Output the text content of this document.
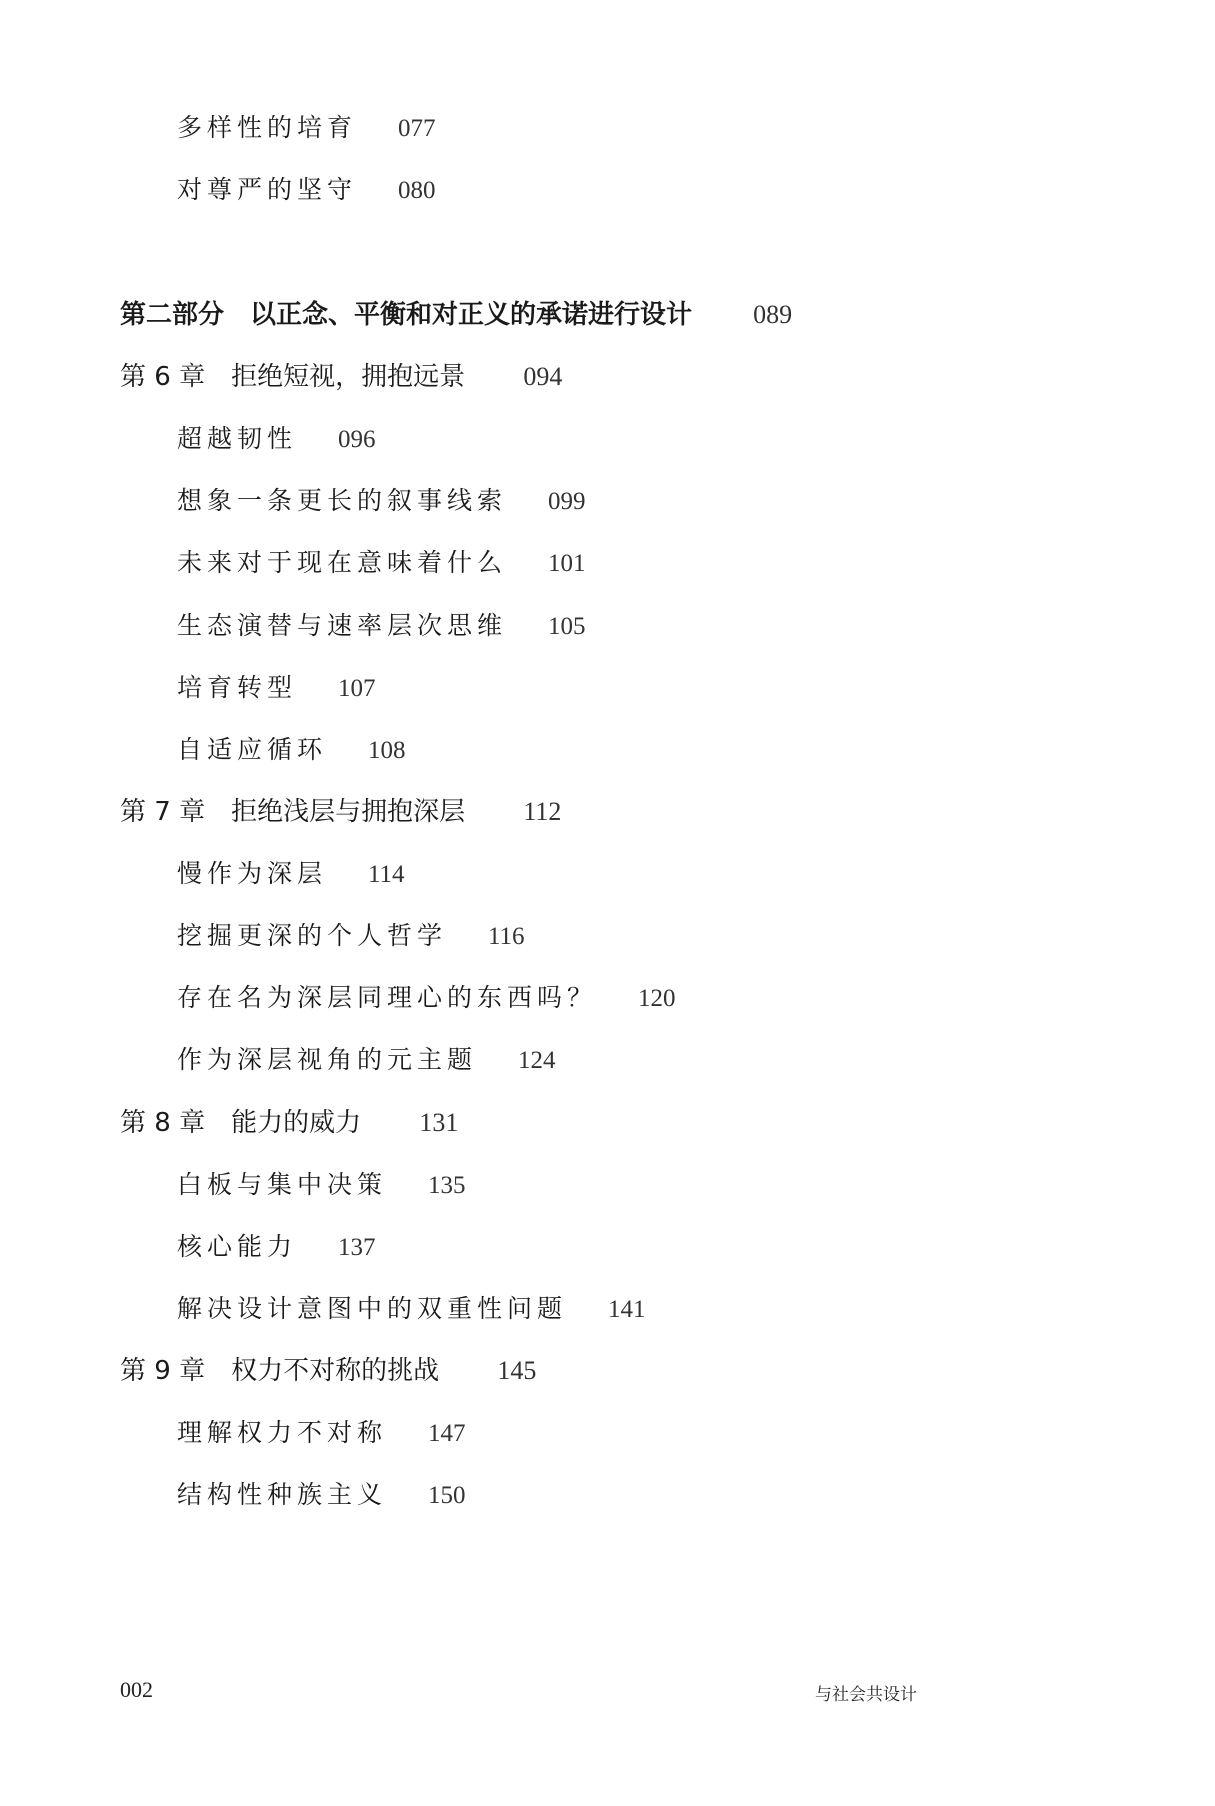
多样性的培育 077
对尊严的坚守 080
第二部分　以正念、平衡和对正义的承诺进行设计 089
第 6 章　拒绝短视，拥抱远景 094
超越韧性 096
想象一条更长的叙事线索 099
未来对于现在意味着什么 101
生态演替与速率层次思维 105
培育转型 107
自适应循环 108
第 7 章　拒绝浅层与拥抱深层 112
慢作为深层 114
挖掘更深的个人哲学 116
存在名为深层同理心的东西吗？ 120
作为深层视角的元主题 124
第 8 章　能力的威力 131
白板与集中决策 135
核心能力 137
解决设计意图中的双重性问题 141
第 9 章　权力不对称的挑战 145
理解权力不对称 147
结构性种族主义 150
002	与社会共设计
